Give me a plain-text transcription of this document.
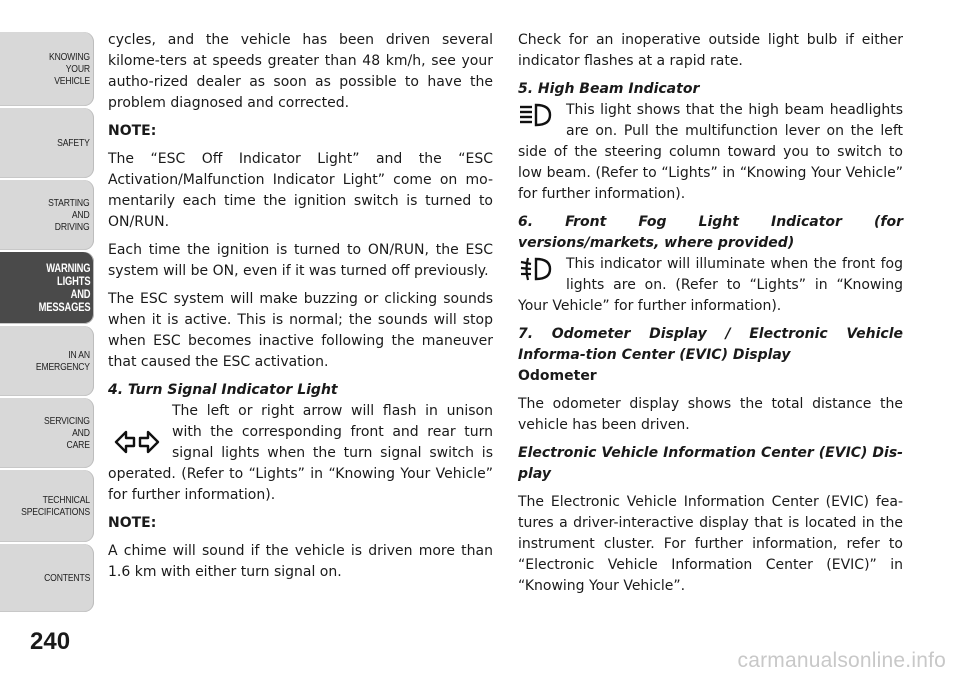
KNOWING
YOUR
VEHICLE
SAFETY
STARTING
AND
DRIVING
WARNING
LIGHTS
AND
MESSAGES
IN AN
EMERGENCY
SERVICING
AND
CARE
TECHNICAL
SPECIFICATIONS
CONTENTS
240

cycles, and the vehicle has been driven several kilome-ters at speeds greater than 48 km/h, see your autho-rized dealer as soon as possible to have the problem diagnosed and corrected.

NOTE:

The “ESC Off Indicator Light” and the “ESC Activation/Malfunction Indicator Light” come on mo-mentarily each time the ignition switch is turned to ON/RUN.

Each time the ignition is turned to ON/RUN, the ESC system will be ON, even if it was turned off previously.

The ESC system will make buzzing or clicking sounds when it is active. This is normal; the sounds will stop when ESC becomes inactive following the maneuver that caused the ESC activation.

4. Turn Signal Indicator Light

The left or right arrow will flash in unison with the corresponding front and rear turn signal lights when the turn signal switch is operated. (Refer to “Lights” in “Knowing Your Vehicle” for further information).

NOTE:

A chime will sound if the vehicle is driven more than 1.6 km with either turn signal on.

Check for an inoperative outside light bulb if either indicator flashes at a rapid rate.

5. High Beam Indicator

This light shows that the high beam headlights are on. Pull the multifunction lever on the left side of the steering column toward you to switch to low beam. (Refer to “Lights” in “Knowing Your Vehicle” for further information).

6. Front Fog Light Indicator (for versions/markets, where provided)

This indicator will illuminate when the front fog lights are on. (Refer to “Lights” in “Knowing Your Vehicle” for further information).

7. Odometer Display / Electronic Vehicle Informa-tion Center (EVIC) Display

Odometer

The odometer display shows the total distance the vehicle has been driven.

Electronic Vehicle Information Center (EVIC) Dis-play

The Electronic Vehicle Information Center (EVIC) fea-tures a driver-interactive display that is located in the instrument cluster. For further information, refer to “Electronic Vehicle Information Center (EVIC)” in “Knowing Your Vehicle”.

carmanualsonline.info
